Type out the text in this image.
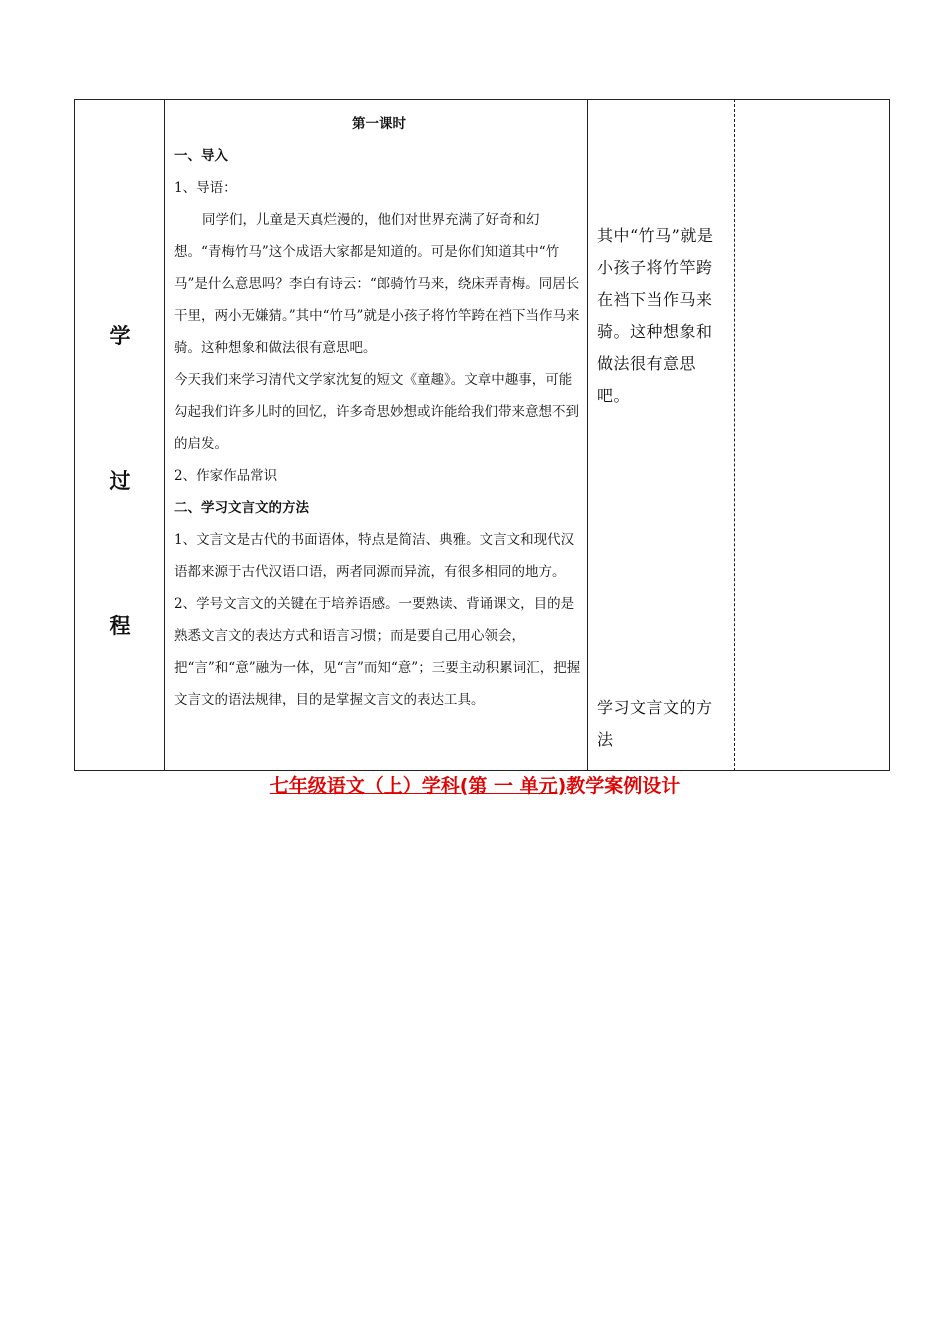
学
过
程

第一课时

一、导入

1、导语：

同学们，儿童是天真烂漫的，他们对世界充满了好奇和幻想。“青梅竹马”这个成语大家都是知道的。可是你们知道其中“竹马”是什么意思吗？李白有诗云：“郎骑竹马来，绕床弄青梅。同居长干里，两小无嫌猜。”其中“竹马”就是小孩子将竹竿跨在裆下当作马来骑。这种想象和做法很有意思吧。

今天我们来学习清代文学家沈复的短文《童趣》。文章中趣事，可能勾起我们许多儿时的回忆，许多奇思妙想或许能给我们带来意想不到的启发。

2、作家作品常识

二、学习文言文的方法

1、文言文是古代的书面语体，特点是简洁、典雅。文言文和现代汉语都来源于古代汉语口语，两者同源而异流，有很多相同的地方。

2、学号文言文的关键在于培养语感。一要熟读、背诵课文，目的是熟悉文言文的表达方式和语言习惯；而是要自己用心领会，把“言”和“意”融为一体，见“言”而知“意”；三要主动积累词汇，把握文言文的语法规律，目的是掌握文言文的表达工具。

其中“竹马”就是小孩子将竹竿跨在裆下当作马来骑。这种想象和做法很有意思吧。
学习文言文的方法
七年级语文（上）学科(第 一 单元)教学案例设计
